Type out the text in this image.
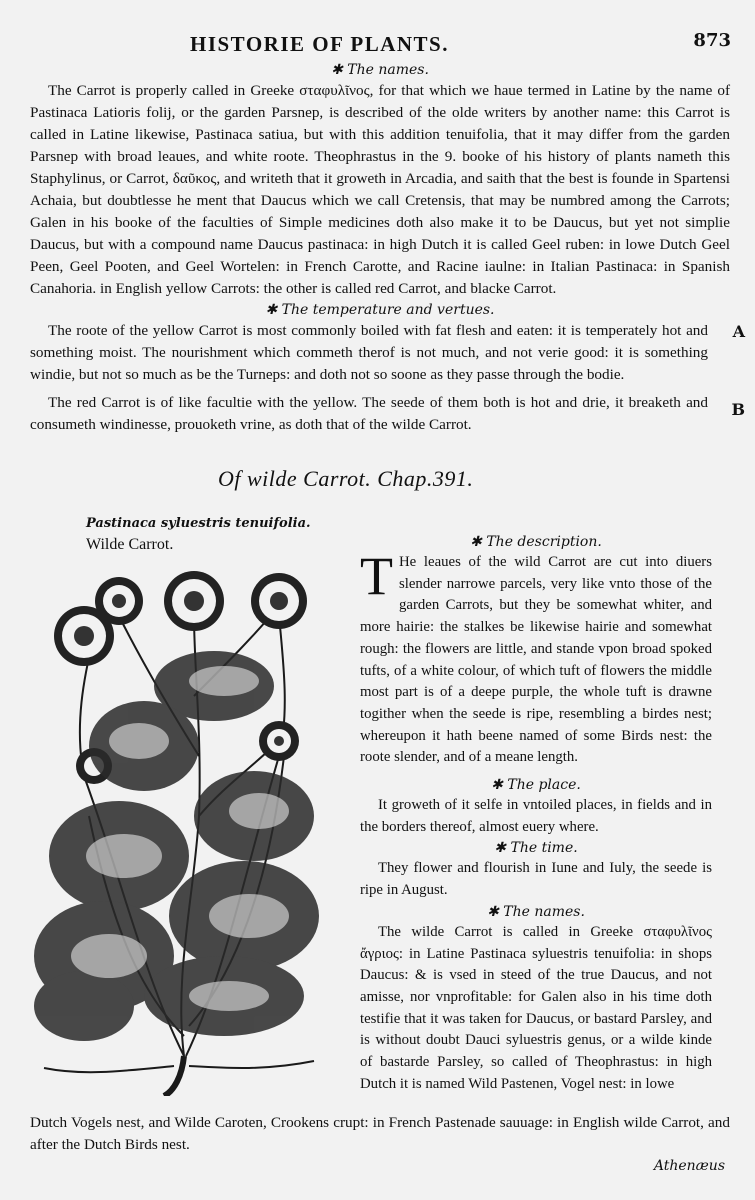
HISTORIE OF PLANTS.	873

✱ The names.

The Carrot is properly called in Greeke σταφυλῖνος, for that which we haue termed in Latine by the name of Pastinaca Latioris folij, or the garden Parsnep, is described of the olde writers by another name: this Carrot is called in Latine likewise, Pastinaca satiua, but with this addition tenuifolia, that it may differ from the garden Parsnep with broad leaues, and white roote. Theophrastus in the 9. booke of his history of plants nameth this Staphylinus, or Carrot, δαῦκος, and writeth that it groweth in Arcadia, and saith that the best is founde in Spartensi Achaia, but doubtlesse he ment that Daucus which we call Cretensis, that may be numbred among the Carrots; Galen in his booke of the faculties of Simple medicines doth also make it to be Daucus, but yet not simplie Daucus, but with a compound name Daucus pastinaca: in high Dutch it is called Geel ruben: in lowe Dutch Geel Peen, Geel Pooten, and Geel Wortelen: in French Carotte, and Racine iaulne: in Italian Pastinaca: in Spanish Canahoria. in English yellow Carrots: the other is called red Carrot, and blacke Carrot.

✱ The temperature and vertues.

The roote of the yellow Carrot is most commonly boiled with fat flesh and eaten: it is temperately hot and something moist. The nourishment which commeth therof is not much, and not verie good: it is something windie, but not so much as be the Turneps: and doth not so soone as they passe through the bodie.

The red Carrot is of like facultie with the yellow. The seede of them both is hot and drie, it breaketh and consumeth windinesse, prouoketh vrine, as doth that of the wilde Carrot.

A
B
Of wilde Carrot. Chap.391.
Pastinaca syluestris tenuifolia.
Wilde Carrot.	✱ The description.

T He leaues of the wild Carrot are cut into diuers slender narrowe parcels, very like vnto those of the garden Carrots, but they be somewhat whiter, and more hairie: the stalkes be likewise hairie and somewhat rough: the flowers are little, and stande vpon broad spoked tufts, of a white colour, of which tuft of flowers the middle most part is of a deepe purple, the whole tuft is drawne togither when the seede is ripe, resembling a birdes nest; whereupon it hath beene named of some Birds nest: the roote slender, and of a meane length.

✱ The place.

It groweth of it selfe in vntoiled places, in fields and in the borders thereof, almost euery where.

✱ The time.

They flower and flourish in Iune and Iuly, the seede is ripe in August.

✱ The names.

The wilde Carrot is called in Greeke σταφυλῖνος ἄγριος: in Latine Pastinaca syluestris tenuifolia: in shops Daucus: & is vsed in steed of the true Daucus, and not amisse, nor vnprofitable: for Galen also in his time doth testifie that it was taken for Daucus, or bastard Parsley, and is without doubt Dauci syluestris genus, or a wilde kinde of bastarde Parsley, so called of Theophrastus: in high Dutch it is named Wild Pastenen, Vogel nest: in lowe

Dutch Vogels nest, and Wilde Caroten, Crookens crupt: in French Pastenade sauuage: in English wilde Carrot, and after the Dutch Birds nest.

Athenæus
